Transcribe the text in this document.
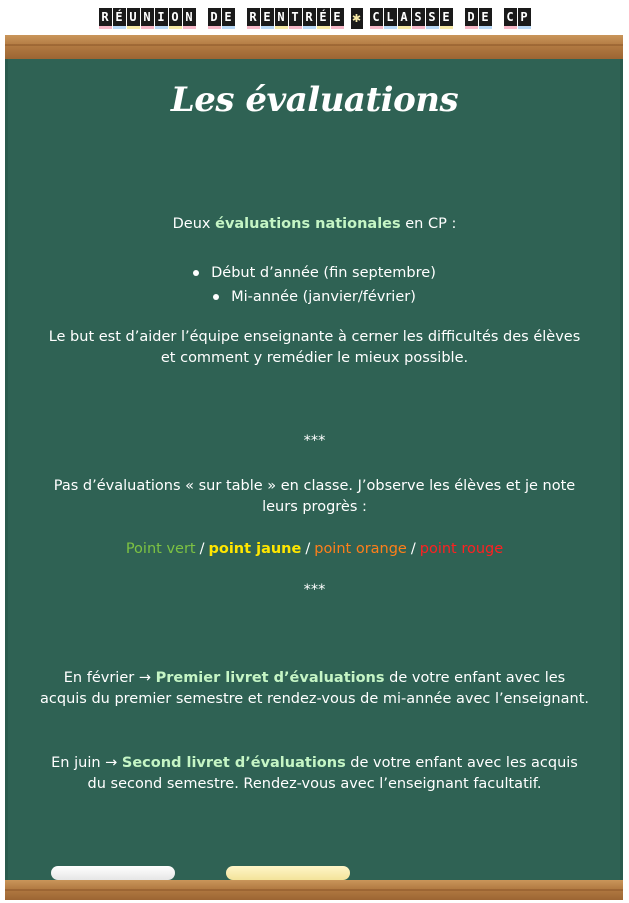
R É U N I O N D E R E N T R É E ✱ C L A S S E D E C P
Les évaluations
Deux évaluations nationales en CP :
Début d’année (fin septembre)
Mi-année (janvier/février)
Le but est d’aider l’équipe enseignante à cerner les difficultés des élèves et comment y remédier le mieux possible.
***
Pas d’évaluations « sur table » en classe. J’observe les élèves et je note leurs progrès :
Point vert / point jaune / point orange / point rouge
***
En février → Premier livret d’évaluations de votre enfant avec les acquis du premier semestre et rendez-vous de mi-année avec l’enseignant.
En juin → Second livret d’évaluations de votre enfant avec les acquis du second semestre. Rendez-vous avec l’enseignant facultatif.
